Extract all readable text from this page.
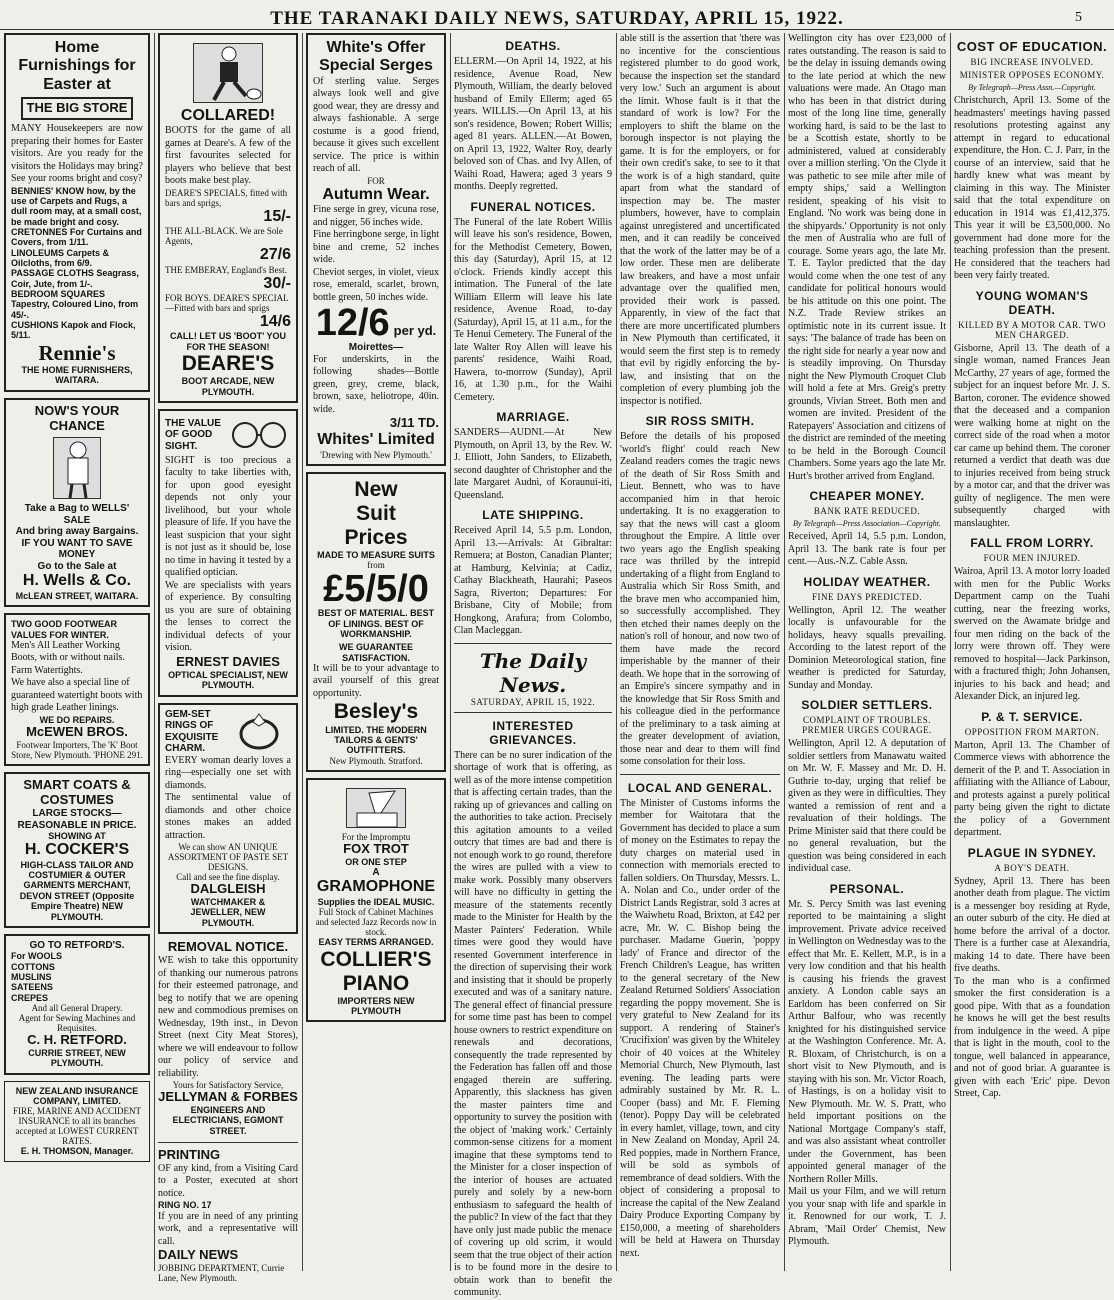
THE TARANAKI DAILY NEWS, SATURDAY, APRIL 15, 1922.	5
Home Furnishings for Easter at
THE BIG STORE
MANY Housekeepers are now preparing their homes for Easter visitors. Are you ready for the visitors the Holidays may bring? See your rooms bright and cosy?
BENNIES' KNOW how, by the use of Carpets and Rugs, a dull room may, at a small cost, be made bright and cosy.
CRETONNES For Curtains and Covers, from 1/11.
LINOLEUMS Carpets & Oilcloths, from 6/9.
PASSAGE CLOTHS Seagrass, Coir, Jute, from 1/-.
BEDROOM SQUARES Tapestry, Coloured Lino, from 45/-.
CUSHIONS Kapok and Flock, 5/11.
Rennie's
THE HOME FURNISHERS, WAITARA.
NOW'S YOUR CHANCE
Take a Bag to WELLS' SALE
And bring away Bargains.
IF YOU WANT TO SAVE MONEY
Go to the Sale at
H. Wells & Co.
McLEAN STREET, WAITARA.
TWO GOOD FOOTWEAR VALUES FOR WINTER.
Men's All Leather Working Boots, with or without nails.
Farm Watertights.
We have also a special line of guaranteed watertight boots with high grade Leather linings.
WE DO REPAIRS.
McEWEN BROS.
Footwear Importers, The 'K' Boot Store, New Plymouth. 'PHONE 291.
SMART COATS & COSTUMES
LARGE STOCKS—REASONABLE IN PRICE.
SHOWING AT
H. COCKER'S
HIGH-CLASS TAILOR AND COSTUMIER & OUTER GARMENTS MERCHANT, DEVON STREET (Opposite Empire Theatre) NEW PLYMOUTH.
GO TO RETFORD'S.
For WOOLS
COTTONS
MUSLINS
SATEENS
CREPES
And all General Drapery.
Agent for Sewing Machines and Requisites.
C. H. RETFORD.
CURRIE STREET, NEW PLYMOUTH.
NEW ZEALAND INSURANCE COMPANY, LIMITED.
FIRE, MARINE AND ACCIDENT INSURANCE to all its branches accepted at LOWEST CURRENT RATES.
E. H. THOMSON, Manager.
COLLARED!
BOOTS for the game of all games at Deare's. A few of the first favourites selected for players who believe that best boots make best play.
DEARE'S SPECIALS, fitted with bars and sprigs,
15/-
THE ALL-BLACK. We are Sole Agents,
27/6
THE EMBERAY, England's Best.
30/-
FOR BOYS. DEARE'S SPECIAL—Fitted with bars and sprigs
14/6
CALL! LET US 'BOOT' YOU FOR THE SEASON!
DEARE'S
BOOT ARCADE, NEW PLYMOUTH.
THE VALUE OF GOOD SIGHT.
SIGHT is too precious a faculty to take liberties with, for upon good eyesight depends not only your livelihood, but your whole pleasure of life. If you have the least suspicion that your sight is not just as it should be, lose no time in having it tested by a qualified optician.
We are specialists with years of experience. By consulting us you are sure of obtaining the lenses to correct the individual defects of your vision.
ERNEST DAVIES
OPTICAL SPECIALIST, NEW PLYMOUTH.
GEM-SET RINGS OF EXQUISITE CHARM.
EVERY woman dearly loves a ring—especially one set with diamonds.
The sentimental value of diamonds and other choice stones makes an added attraction.
We can show AN UNIQUE ASSORTMENT OF PASTE SET DESIGNS.
Call and see the fine display.
DALGLEISH
WATCHMAKER & JEWELLER, NEW PLYMOUTH.
REMOVAL NOTICE.
WE wish to take this opportunity of thanking our numerous patrons for their esteemed patronage, and beg to notify that we are opening new and commodious premises on Wednesday, 19th inst., in Devon Street (next City Meat Stores), where we will endeavour to follow our policy of service and reliability.
Yours for Satisfactory Service,
JELLYMAN & FORBES
ENGINEERS AND ELECTRICIANS, EGMONT STREET.
PRINTING
OF any kind, from a Visiting Card to a Poster, executed at short notice.
RING NO. 17
If you are in need of any printing work, and a representative will call.
DAILY NEWS
JOBBING DEPARTMENT, Currie Lane, New Plymouth.
White's Offer Special Serges
Of sterling value. Serges always look well and give good wear, they are dressy and always fashionable. A serge costume is a good friend, because it gives such excellent service. The price is within reach of all.
FOR
Autumn Wear.
Fine serge in grey, vicuna rose, and nigger, 56 inches wide.
Fine herringbone serge, in light bine and creme, 52 inches wide.
Cheviot serges, in violet, vieux rose, emerald, scarlet, brown, bottle green, 50 inches wide.
12/6 per yd.
Moirettes—
For underskirts, in the following shades—Bottle green, grey, creme, black, brown, saxe, heliotrope, 40in. wide.
3/11 TD.
Whites' Limited
'Drewing with New Plymouth.'
New
Suit
Prices
MADE TO MEASURE SUITS
from
£5/5/0
BEST OF MATERIAL. BEST OF LININGS. BEST OF WORKMANSHIP.
WE GUARANTEE SATISFACTION.
It will be to your advantage to avail yourself of this great opportunity.
Besley's
LIMITED. THE MODERN TAILORS & GENTS' OUTFITTERS.
New Plymouth. Stratford.
For the Impromptu
FOX TROT
OR ONE STEP
A
GRAMOPHONE
Supplies the IDEAL MUSIC.
Full Stock of Cabinet Machines and selected Jazz Records now in stock.
EASY TERMS ARRANGED.
COLLIER'S PIANO
IMPORTERS NEW PLYMOUTH
DEATHS.
ELLERM.—On April 14, 1922, at his residence, Avenue Road, New Plymouth, William, the dearly beloved husband of Emily Ellerm; aged 65 years. WILLIS.—On April 13, at his son's residence, Bowen; Robert Willis; aged 81 years. ALLEN.—At Bowen, on April 13, 1922, Walter Roy, dearly beloved son of Chas. and Ivy Allen, of Waihi Road, Hawera; aged 3 years 9 months. Deeply regretted.
FUNERAL NOTICES.
The Funeral of the late Robert Willis will leave his son's residence, Bowen, for the Methodist Cemetery, Bowen, this day (Saturday), April 15, at 12 o'clock. Friends kindly accept this intimation. The Funeral of the late William Ellerm will leave his late residence, Avenue Road, to-day (Saturday), April 15, at 11 a.m., for the Te Henui Cemetery. The Funeral of the late Walter Roy Allen will leave his parents' residence, Waihi Road, Hawera, to-morrow (Sunday), April 16, at 1.30 p.m., for the Waihi Cemetery.
MARRIAGE.
SANDERS—AUDNI.—At New Plymouth, on April 13, by the Rev. W. J. Elliott, John Sanders, to Elizabeth, second daughter of Christopher and the late Margaret Audni, of Koraunui-iti, Queensland.
LATE SHIPPING.
Received April 14, 5.5 p.m. London, April 13.—Arrivals: At Gibraltar: Remuera; at Boston, Canadian Planter; at Hamburg, Kelvinia; at Cadiz, Cathay Blackheath, Haurahi; Paseos Sagra, Riverton; Departures: For Brisbane, City of Mobile; from Hongkong, Arafura; from Colombo, Clan Macleggan.
The Daily News.
SATURDAY, APRIL 15, 1922.
INTERESTED GRIEVANCES.
There can be no surer indication of the shortage of work that is offering, as well as of the more intense competition that is affecting certain trades, than the raking up of grievances and calling on the authorities to take action. Precisely this agitation amounts to a veiled outcry that times are bad and there is not enough work to go round, therefore the wires are pulled with a view to make work. Possibly many observers will have no difficulty in getting the measure of the statements recently made to the Minister for Health by the Master Painters' Federation. While times were good they would have resented Government interference in the direction of supervising their work and insisting that it should be properly executed and was of a sanitary nature. The general effect of financial pressure for some time past has been to compel house owners to restrict expenditure on renewals and decorations, consequently the trade represented by the Federation has fallen off and those engaged therein are suffering. Apparently, this slackness has given the master painters time and opportunity to survey the position with the object of 'making work.' Certainly common-sense citizens for a moment imagine that these symptoms tend to the Minister for a closer inspection of the interior of houses are actuated purely and solely by a new-born enthusiasm to safeguard the health of the public? In view of the fact that they have only just made public the menace of covering up old scrim, it would seem that the true object of their action is to be found more in the desire to obtain work than to benefit the community.
able still is the assertion that 'there was no incentive for the conscientious registered plumber to do good work, because the inspection set the standard very low.' Such an argument is about the limit. Whose fault is it that the standard of work is low? For the employers to shift the blame on the borough inspector is not playing the game. It is for the employers, or for their own credit's sake, to see to it that the work is of a high standard, quite apart from what the standard of inspection may be. The master plumbers, however, have to complain against unregistered and uncertificated men, and it can readily be conceived that the work of the latter may be of a low order. These men are deliberate law breakers, and have a most unfair advantage over the qualified men, provided their work is passed. Apparently, in view of the fact that there are more uncertificated plumbers in New Plymouth than certificated, it would seem the first step is to remedy that evil by rigidly enforcing the by-law, and insisting that on the completion of every plumbing job the inspector is notified.
SIR ROSS SMITH.
Before the details of his proposed 'world's flight' could reach New Zealand readers comes the tragic news of the death of Sir Ross Smith and Lieut. Bennett, who was to have accompanied him in that heroic undertaking. It is no exaggeration to say that the news will cast a gloom throughout the Empire. A little over two years ago the English speaking race was thrilled by the intrepid undertaking of a flight from England to Australia which Sir Ross Smith, and the brave men who accompanied him, so successfully accomplished. They then etched their names deeply on the nation's roll of honour, and now two of them have made the record imperishable by the manner of their death. We hope that in the sorrowing of an Empire's sincere sympathy and in the knowledge that Sir Ross Smith and his colleague died in the performance of the preliminary to a task aiming at the greater development of aviation, those near and dear to them will find some consolation for their loss.
LOCAL AND GENERAL.
The Minister of Customs informs the member for Waitotara that the Government has decided to place a sum of money on the Estimates to repay the duty charges on material used in connection with memorials erected to fallen soldiers. On Thursday, Messrs. L. A. Nolan and Co., under order of the District Lands Registrar, sold 3 acres at the Waiwhetu Road, Brixton, at £42 per acre, Mr. W. C. Bishop being the purchaser. Madame Guerin, 'poppy lady' of France and director of the French Children's League, has written to the general secretary of the New Zealand Returned Soldiers' Association regarding the poppy movement. She is very grateful to New Zealand for its support. A rendering of Stainer's 'Crucifixion' was given by the Whiteley choir of 40 voices at the Whiteley Memorial Church, New Plymouth, last evening. The leading parts were admirably sustained by Mr. R. L. Cooper (bass) and Mr. F. Fleming (tenor). Poppy Day will be celebrated in every hamlet, village, town, and city in New Zealand on Monday, April 24. Red poppies, made in Northern France, will be sold as symbols of remembrance of dead soldiers. With the object of considering a proposal to increase the capital of the New Zealand Dairy Produce Exporting Company by £150,000, a meeting of shareholders will be held at Hawera on Thursday next.
Wellington city has over £23,000 of rates outstanding. The reason is said to be the delay in issuing demands owing to the late period at which the new valuations were made. An Otago man who has been in that district during most of the long line time, generally working hard, is said to be the last to be a Scottish estate, shortly to be administered, valued at considerably over a million sterling. 'On the Clyde it was pathetic to see mile after mile of empty ships,' said a Wellington resident, speaking of his visit to England. 'No work was being done in the shipyards.' Opportunity is not only the men of Australia who are full of courage. Some years ago, the late Mr. T. E. Taylor predicted that the day would come when the one test of any candidate for political honours would be his attitude on this one point. The N.Z. Trade Review strikes an optimistic note in its current issue. It says: 'The balance of trade has been on the right side for nearly a year now and is steadily improving. On Thursday night the New Plymouth Croquet Club will hold a fete at Mrs. Greig's pretty grounds, Vivian Street. Both men and women are invited. President of the Ratepayers' Association and citizens of the district are reminded of the meeting to be held in the Borough Council Chambers. Some years ago the late Mr. Hurt's brother arrived from England.
CHEAPER MONEY.
BANK RATE REDUCED.
By Telegraph—Press Association—Copyright.
Received, April 14, 5.5 p.m. London, April 13. The bank rate is four per cent.—Aus.-N.Z. Cable Assn.
HOLIDAY WEATHER.
FINE DAYS PREDICTED.
Wellington, April 12. The weather locally is unfavourable for the holidays, heavy squalls prevailing. According to the latest report of the Dominion Meteorological station, fine weather is predicted for Saturday, Sunday and Monday.
SOLDIER SETTLERS.
COMPLAINT OF TROUBLES. PREMIER URGES COURAGE.
Wellington, April 12. A deputation of soldier settlers from Manawatu waited on Mr. W. F. Massey and Mr. D. H. Guthrie to-day, urging that relief be given as they were in difficulties. They wanted a remission of rent and a revaluation of their holdings. The Prime Minister said that there could be no general revaluation, but the question was being considered in each individual case.
PERSONAL.
Mr. S. Percy Smith was last evening reported to be maintaining a slight improvement. Private advice received in Wellington on Wednesday was to the effect that Mr. E. Kellett, M.P., is in a very low condition and that his health is causing his friends the gravest anxiety. A London cable says an Earldom has been conferred on Sir Arthur Balfour, who was recently knighted for his distinguished service at the Washington Conference. Mr. A. R. Bloxam, of Christchurch, is on a short visit to New Plymouth, and is staying with his son. Mr. Victor Roach, of Hastings, is on a holiday visit to New Plymouth. Mr. W. S. Pratt, who held important positions on the National Mortgage Company's staff, and was also assistant wheat controller under the Government, has been appointed general manager of the Northern Roller Mills.
Mail us your Film, and we will return you your snap with life and sparkle in it. Renowned for our work, T. J. Abram, 'Mail Order' Chemist, New Plymouth.
COST OF EDUCATION.
BIG INCREASE INVOLVED.
MINISTER OPPOSES ECONOMY.
By Telegraph—Press Assn.—Copyright.
Christchurch, April 13. Some of the headmasters' meetings having passed resolutions protesting against any attempt in regard to educational expenditure, the Hon. C. J. Parr, in the course of an interview, said that he hardly knew what was meant by claiming in this way. The Minister said that the total expenditure on education in 1914 was £1,412,375. This year it will be £3,500,000. No government had done more for the teaching profession than the present. He considered that the teachers had been very fairly treated.
YOUNG WOMAN'S DEATH.
KILLED BY A MOTOR CAR. TWO MEN CHARGED.
Gisborne, April 13. The death of a single woman, named Frances Jean McCarthy, 27 years of age, formed the subject for an inquest before Mr. J. S. Barton, coroner. The evidence showed that the deceased and a companion were walking home at night on the correct side of the road when a motor car came up behind them. The coroner returned a verdict that death was due to injuries received from being struck by a motor car, and that the driver was guilty of negligence. The men were subsequently charged with manslaughter.
FALL FROM LORRY.
FOUR MEN INJURED.
Wairoa, April 13. A motor lorry loaded with men for the Public Works Department camp on the Tuahi cutting, near the freezing works, swerved on the Awamate bridge and four men riding on the back of the lorry were thrown off. They were removed to hospital—Jack Parkinson, with a fractured thigh; John Johansen, injuries to his back and head; and Alexander Dick, an injured leg.
P. & T. SERVICE.
OPPOSITION FROM MARTON.
Marton, April 13. The Chamber of Commerce views with abhorrence the demerit of the P. and T. Association in affiliating with the Alliance of Labour, and protests against a purely political party being given the right to dictate the policy of a Government department.
PLAGUE IN SYDNEY.
A BOY'S DEATH.
Sydney, April 13. There has been another death from plague. The victim is a messenger boy residing at Ryde, an outer suburb of the city. He died at home before the arrival of a doctor. There is a further case at Alexandria, making 14 to date. There have been five deaths.
To the man who is a confirmed smoker the first consideration is a good pipe. With that as a foundation he knows he will get the best results from indulgence in the weed. A pipe that is light in the mouth, cool to the tongue, well balanced in appearance, and not of good briar. A guarantee is given with each 'Eric' pipe. Devon Street, Cap.
